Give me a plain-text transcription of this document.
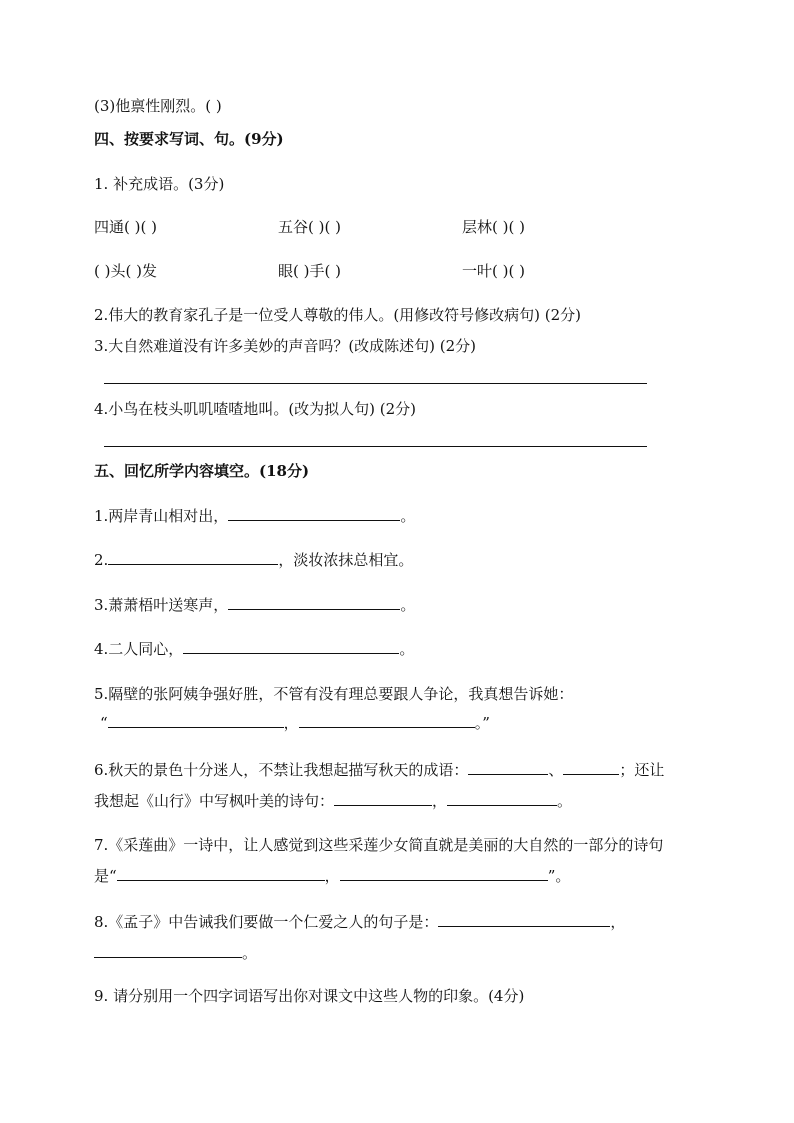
(3)他禀性刚烈。( )
四、按要求写词、句。(9分)
1. 补充成语。(3分)
四通( )( )	五谷( )( )	层林( )( )
( )头( )发	眼( )手( )	一叶( )( )
2.伟大的教育家孔子是一位受人尊敬的伟人。(用修改符号修改病句) (2分)
3.大自然难道没有许多美妙的声音吗？(改成陈述句) (2分)
4.小鸟在枝头叽叽喳喳地叫。(改为拟人句) (2分)
五、回忆所学内容填空。(18分)
1.两岸青山相对出，	。
2.	，淡妆浓抹总相宜。
3.萧萧梧叶送寒声，	。
4.二人同心，	。
5.隔壁的张阿姨争强好胜，不管有没有理总要跟人争论，我真想告诉她：
“	，	。”
6.秋天的景色十分迷人，不禁让我想起描写秋天的成语：	、	；还让
我想起《山行》中写枫叶美的诗句：	，	。
7.《采莲曲》一诗中，让人感觉到这些采莲少女简直就是美丽的大自然的一部分的诗句
是“	，	”。
8.《孟子》中告诫我们要做一个仁爱之人的句子是：	，
。
9. 请分别用一个四字词语写出你对课文中这些人物的印象。(4分)
